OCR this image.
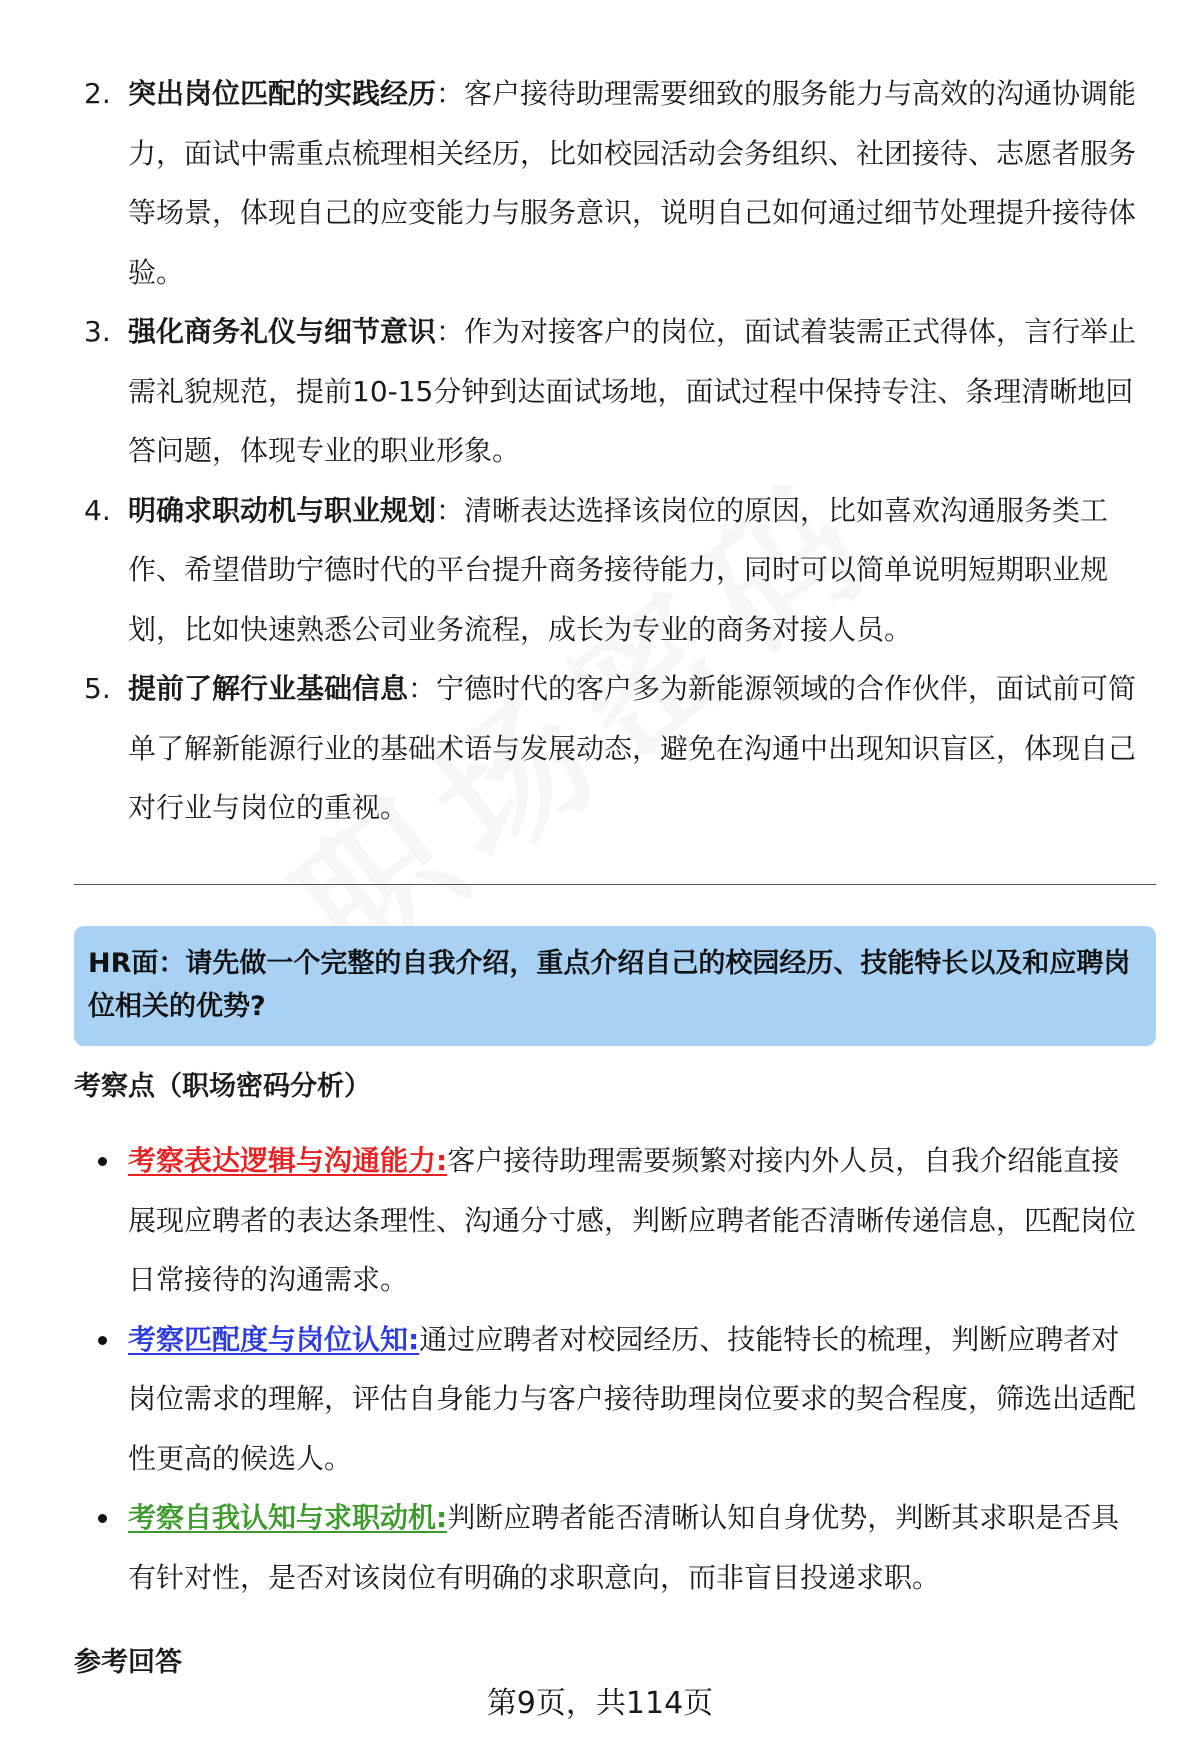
2. 突出岗位匹配的实践经历：客户接待助理需要细致的服务能力与高效的沟通协调能力，面试中需重点梳理相关经历，比如校园活动会务组织、社团接待、志愿者服务等场景，体现自己的应变能力与服务意识，说明自己如何通过细节处理提升接待体验。
3. 强化商务礼仪与细节意识：作为对接客户的岗位，面试着装需正式得体，言行举止需礼貌规范，提前10-15分钟到达面试场地，面试过程中保持专注、条理清晰地回答问题，体现专业的职业形象。
4. 明确求职动机与职业规划：清晰表达选择该岗位的原因，比如喜欢沟通服务类工作、希望借助宁德时代的平台提升商务接待能力，同时可以简单说明短期职业规划，比如快速熟悉公司业务流程，成长为专业的商务对接人员。
5. 提前了解行业基础信息：宁德时代的客户多为新能源领域的合作伙伴，面试前可简单了解新能源行业的基础术语与发展动态，避免在沟通中出现知识盲区，体现自己对行业与岗位的重视。
HR面：请先做一个完整的自我介绍，重点介绍自己的校园经历、技能特长以及和应聘岗位相关的优势?
考察点（职场密码分析）
考察表达逻辑与沟通能力:客户接待助理需要频繁对接内外人员，自我介绍能直接展现应聘者的表达条理性、沟通分寸感，判断应聘者能否清晰传递信息，匹配岗位日常接待的沟通需求。
考察匹配度与岗位认知:通过应聘者对校园经历、技能特长的梳理，判断应聘者对岗位需求的理解，评估自身能力与客户接待助理岗位要求的契合程度，筛选出适配性更高的候选人。
考察自我认知与求职动机:判断应聘者能否清晰认知自身优势，判断其求职是否具有针对性，是否对该岗位有明确的求职意向，而非盲目投递求职。
参考回答
第9页，共114页
